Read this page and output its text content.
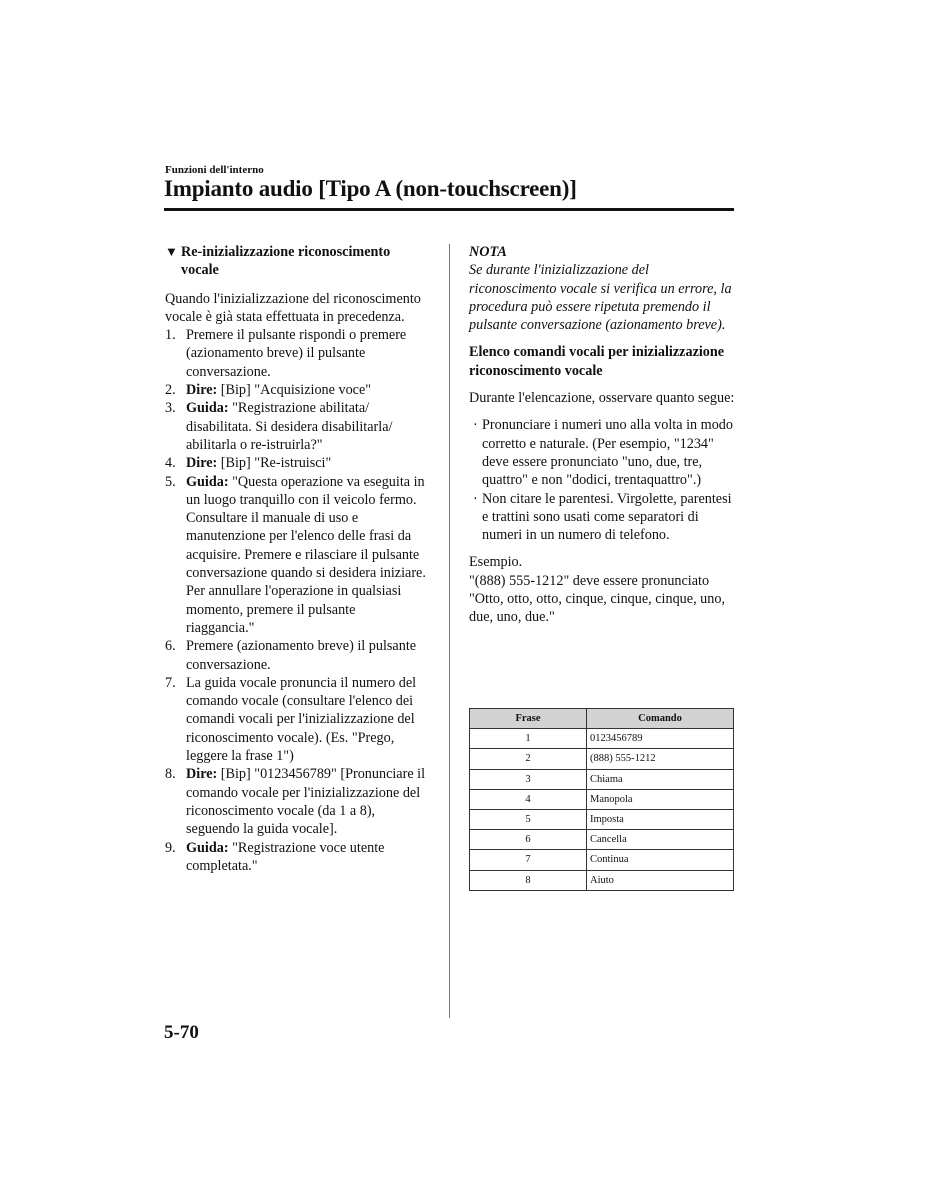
Funzioni dell'interno
Impianto audio [Tipo A (non-touchscreen)]
▼ Re-inizializzazione riconoscimento vocale

Quando l'inizializzazione del riconoscimento vocale è già stata effettuata in precedenza.

1. Premere il pulsante rispondi o premere (azionamento breve) il pulsante conversazione.
2. Dire: [Bip] "Acquisizione voce"
3. Guida: "Registrazione abilitata/ disabilitata. Si desidera disabilitarla/ abilitarla o re-istruirla?"
4. Dire: [Bip] "Re-istruisci"
5. Guida: "Questa operazione va eseguita in un luogo tranquillo con il veicolo fermo. Consultare il manuale di uso e manutenzione per l'elenco delle frasi da acquisire. Premere e rilasciare il pulsante conversazione quando si desidera iniziare. Per annullare l'operazione in qualsiasi momento, premere il pulsante riaggancia."
6. Premere (azionamento breve) il pulsante conversazione.
7. La guida vocale pronuncia il numero del comando vocale (consultare l'elenco dei comandi vocali per l'inizializzazione del riconoscimento vocale). (Es. "Prego, leggere la frase 1")
8. Dire: [Bip] "0123456789" [Pronunciare il comando vocale per l'inizializzazione del riconoscimento vocale (da 1 a 8), seguendo la guida vocale].
9. Guida: "Registrazione voce utente completata."
NOTA

Se durante l'inizializzazione del riconoscimento vocale si verifica un errore, la procedura può essere ripetuta premendo il pulsante conversazione (azionamento breve).

Elenco comandi vocali per inizializzazione riconoscimento vocale

Durante l'elencazione, osservare quanto segue:

· Pronunciare i numeri uno alla volta in modo corretto e naturale. (Per esempio, "1234" deve essere pronunciato "uno, due, tre, quattro" e non "dodici, trentaquattro".)
· Non citare le parentesi. Virgolette, parentesi e trattini sono usati come separatori di numeri in un numero di telefono.

Esempio.

"(888) 555-1212" deve essere pronunciato "Otto, otto, otto, cinque, cinque, cinque, uno, due, uno, due."

Frase	Comando
1	0123456789
2	(888) 555-1212
3	Chiama
4	Manopola
5	Imposta
6	Cancella
7	Continua
8	Aiuto
5-70
